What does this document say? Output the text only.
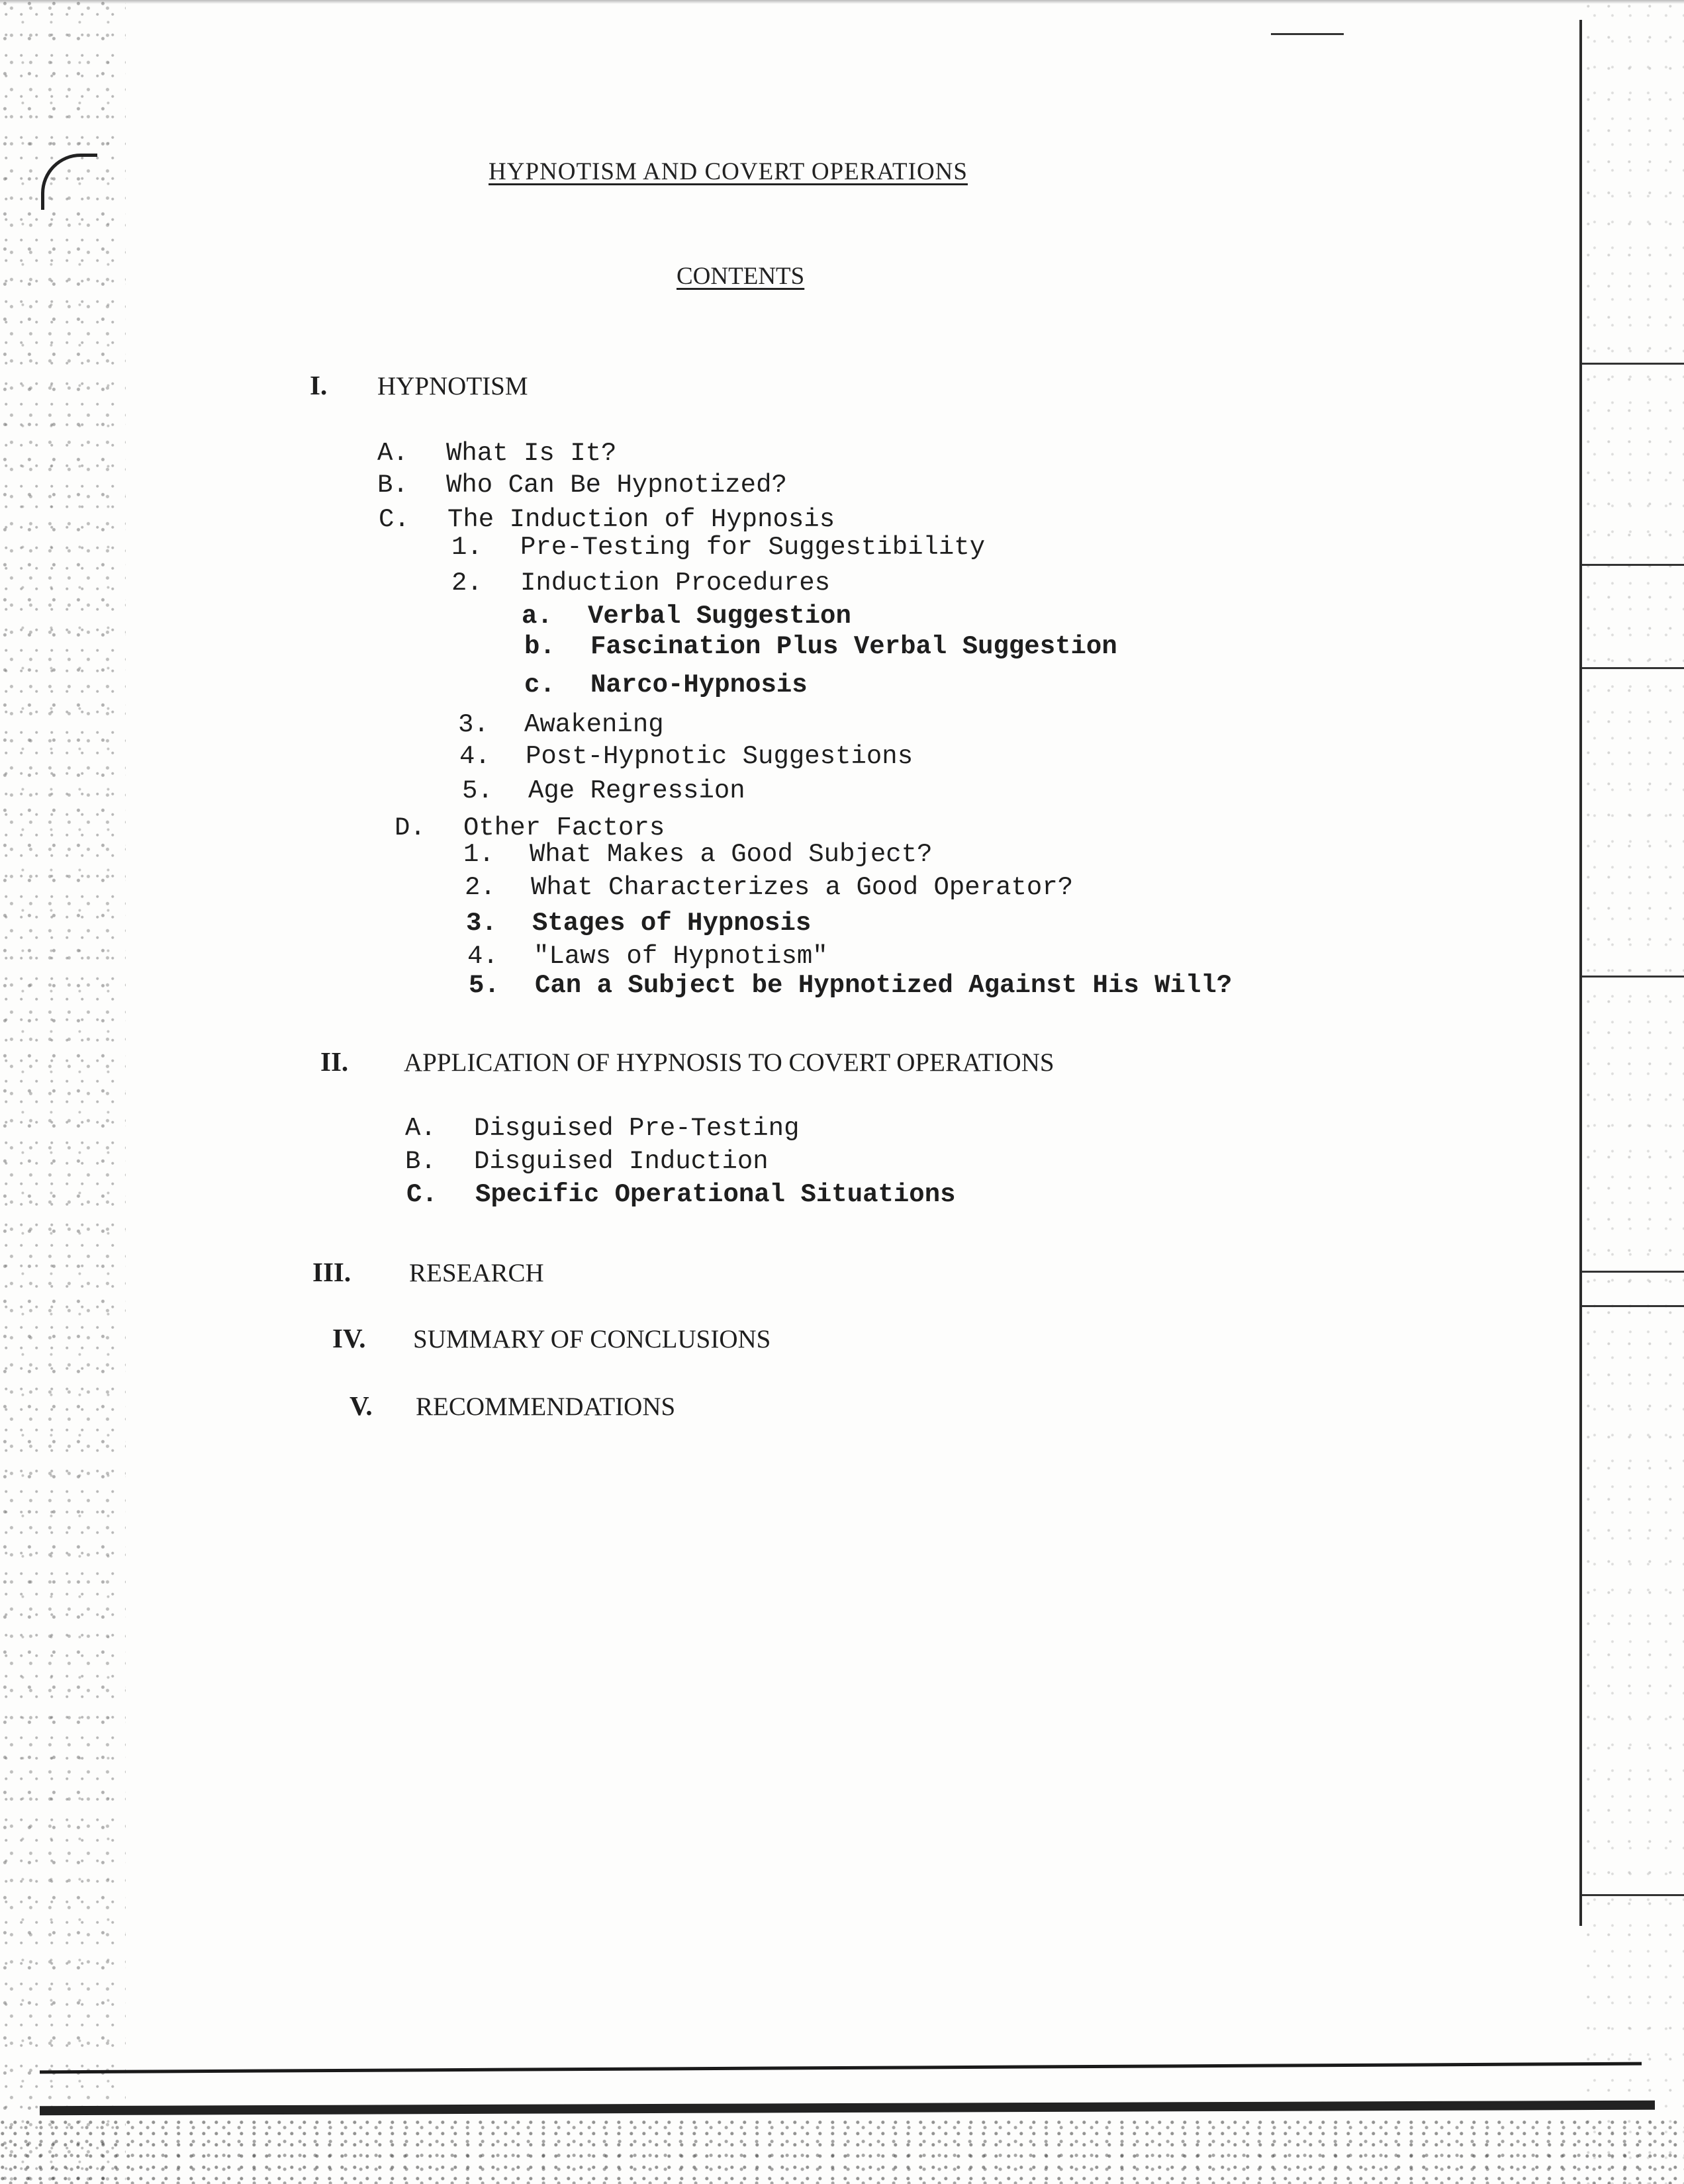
HYPNOTISM AND COVERT OPERATIONS
CONTENTS
I. HYPNOTISM
A. What Is It?
B. Who Can Be Hypnotized?
C. The Induction of Hypnosis
1. Pre-Testing for Suggestibility
2. Induction Procedures
a. Verbal Suggestion
b. Fascination Plus Verbal Suggestion
c. Narco-Hypnosis
3. Awakening
4. Post-Hypnotic Suggestions
5. Age Regression
D. Other Factors
1. What Makes a Good Subject?
2. What Characterizes a Good Operator?
3. Stages of Hypnosis
4. "Laws of Hypnotism"
5. Can a Subject be Hypnotized Against His Will?
II. APPLICATION OF HYPNOSIS TO COVERT OPERATIONS
A. Disguised Pre-Testing
B. Disguised Induction
C. Specific Operational Situations
III. RESEARCH
IV. SUMMARY OF CONCLUSIONS
V. RECOMMENDATIONS
